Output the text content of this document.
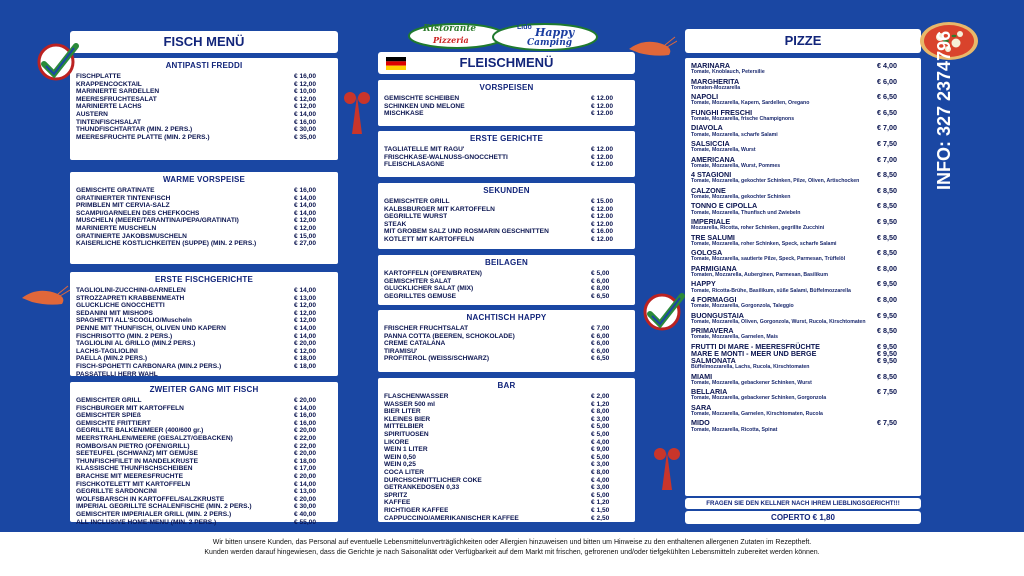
FISCH MENÜ
ANTIPASTI FREDDI
FISCHPLATTE	€ 16,00
KRAPPENCOCKTAIL	€ 12,00
MARINIERTE SARDELLEN	€ 10,00
MEERESFRÜCHTESALAT	€ 12,00
MARINIERTE LACHS	€ 12,00
AUSTERN	€ 14,00
TINTENFISCHSALAT	€ 16,00
THUNDFISCHTARTAR (MIN. 2 PERS.)	€ 30,00
MEERESFRÜCHTE PLATTE (MIN. 2 PERS.)	€ 35,00
WARME VORSPEISE
GEMISCHTE GRATINATE	€ 16,00
GRATINIERTER TINTENFISCH	€ 14,00
PRIMBLEN MIT CERVIA-SALZ	€ 14,00
SCAMPI/GARNELEN DES CHEFKOCHS	€ 14,00
MUSCHELN (MEERE/TARANTINA/PEPA/GRATINATI)	€ 12,00
MARINIERTE MUSCHELN	€ 12,00
GRATINIERTE JAKOBSMUSCHELN	€ 15,00
KAISERLICHE KÖSTLICHKEITEN (SUPPE) (MIN. 2 PERS.)	€ 27,00
ERSTE FISCHGERICHTE
TAGLIOLINI-ZUCCHINI-GARNELEN	€ 14,00
STROZZAPRETI KRABBENMEATH	€ 13,00
GLÜCKLICHE GNOCCHETTI	€ 12,00
SEDANINI MIT MISHOPS	€ 12,00
SPAGHETTI ALL'SCOGLIO/Muscheln	€ 12,00
PENNE MIT THUNFISCH, OLIVEN UND KAPERN	€ 14,00
FISCHRISOTTO (MIN. 2 PERS.)	€ 14,00
TAGLIOLINI AL GRILLO (MIN.2 PERS.)	€ 20,00
LACHS-TAGLIOLINI	€ 12,00
PAELLA (MIN.2 PERS.)	€ 18,00
FISCH-SPGHETTI CARBONARA (MIN.2 PERS.)	€ 18,00
PASSATELLI HERR WAHL
ZWEITER GANG MIT FISCH
GEMISCHTER GRILL	€ 20,00
FISCHBURGER MIT KARTOFFELN	€ 14,00
GEMISCHTER SPIEß	€ 16,00
GEMISCHTE FRITTIERT	€ 16,00
GEGRILLTE BALKEN/MEER (400/600 gr.)	€ 20,00
MEERSTRAHLEN/MEERE (GESALZT/GEBACKEN)	€ 22,00
ROMBO/SAN PIETRO (OFEN/GRILL)	€ 22,00
SEETEUFEL (SCHWANZ) MIT GEMÜSE	€ 20,00
THUNFISCHFILET IN MANDELKRUSTE	€ 18,00
KLASSISCHE THUNFISCHSCHEIBEN	€ 17,00
BRACHSE MIT MEERESFRÜCHTE	€ 20,00
FISCHKOTELETT MIT KARTOFFELN	€ 14,00
GEGRILLTE SARDONCINI	€ 13,00
WOLFSBARSCH IN KARTOFFEL/SALZKRUSTE	€ 20,00
IMPERIAL GEGRILLTE SCHALENFISCHE (MIN. 2 PERS.)	€ 30,00
GEMISCHTER IMPERIALER GRILL (MIN. 2 PERS.)	€ 40,00
ALL INCLUSIVE HOME-MENÜ (MIN. 2 PERS.)	€ 55,00
Ristorante
Pizzeria
Lido Happy
Camping
FLEISCHMENÜ
VORSPEISEN
GEMISCHTE SCHEIBEN	€ 12.00
SCHINKEN UND MELONE	€ 12.00
MISCHKÄSE	€ 12.00
ERSTE GERICHTE
TAGLIATELLE MIT RAGU'	€ 12.00
FRISCHKÄSE-WALNUSS-GNOCCHETTI	€ 12.00
FLEISCHLASAGNE	€ 12.00
SEKUNDEN
GEMISCHTER GRILL	€ 15.00
KALBSBURGER MIT KARTOFFELN	€ 12.00
GEGRILLTE WURST	€ 12.00
STEAK	€ 12.00
MIT GROBEM SALZ UND ROSMARIN GESCHNITTEN	€ 16.00
KOTLETT MIT KARTOFFELN	€ 12.00
BEILAGEN
KARTOFFELN (OFEN/BRATEN)	€ 5,00
GEMISCHTER SALAT	€ 6,00
GLÜCKLICHER SALAT (MIX)	€ 8,00
GEGRILLTES GEMÜSE	€ 6,50
NACHTISCH HAPPY
FRISCHER FRUCHTSALAT	€ 7,00
PANNA COTTA (BEEREN, SCHOKOLADE)	€ 6,00
CREME CATALANA	€ 6,00
TIRAMISU'	€ 6,00
PROFITEROL (WEISS/SCHWARZ)	€ 6,50
BAR
FLASCHENWASSER	€ 2,00
WASSER 500 ml	€ 1,20
BIER LITER	€ 8,00
KLEINES BIER	€ 3,00
MITTELBIER	€ 5,00
SPIRITUOSEN	€ 5,00
LIKÖRE	€ 4,00
WEIN 1 LITER	€ 9,00
WEIN 0,50	€ 5,00
WEIN 0,25	€ 3,00
COCA LITER	€ 8,00
DURCHSCHNITTLICHER COKE	€ 4,00
GETRÄNKEDOSEN 0,33	€ 3,00
SPRITZ	€ 5,00
KAFFEE	€ 1,20
RICHTIGER KAFFEE	€ 1,50
CAPPUCCINO/AMERIKANISCHER KAFFEE	€ 2,50
PIZZE
MARINARA	€ 4,00
Tomate, Knoblauch, Petersilie
MARGHERITA	€ 6,00
Tomaten-Mozzarella
NAPOLI	€ 6,50
Tomate, Mozzarella, Kapern, Sardellen, Oregano
FUNGHI FRESCHI	€ 6,50
Tomate, Mozzarella, frische Champignons
DIAVOLA	€ 7,00
Tomate, Mozzarella, scharfe Salami
SALSICCIA	€ 7,50
Tomate, Mozzarella, Wurst
AMERICANA	€ 7,00
Tomate, Mozzarella, Wurst, Pommes
4 STAGIONI	€ 8,50
Tomate, Mozzarella, gekochter Schinken, Pilze, Oliven, Artischocken
CALZONE	€ 8,50
Tomate, Mozzarella, gekochter Schinken
TONNO E CIPOLLA	€ 8,50
Tomate, Mozzarella, Thunfisch und Zwiebeln
IMPERIALE	€ 9,50
Mozzarella, Ricotta, roher Schinken, gegrillte Zucchini
TRE SALUMI	€ 8,50
Tomate, Mozzarella, roher Schinken, Speck, scharfe Salami
GOLOSA	€ 8,50
Tomate, Mozzarella, sautierte Pilze, Speck, Parmesan, Trüffelöl
PARMIGIANA	€ 8,00
Tomaten, Mozzarella, Auberginen, Parmesan, Basilikum
HAPPY	€ 9,50
Tomate, Ricotta-Brühe, Basilikum, süße Salami, Büffelmozzarella
4 FORMAGGI	€ 8,00
Tomate, Mozzarella, Gorgonzola, Taleggio
BUONGUSTAIA	€ 9,50
Tomate, Mozzarella, Oliven, Gorgonzola, Wurst, Rucola, Kirschtomaten
PRIMAVERA	€ 8,50
Tomate, Mozzarella, Garnelen, Mais
FRUTTI DI MARE - MEERESFRÜCHTE	€ 9,50
MARE E MONTI - MEER UND BERGE	€ 9,50
SALMONATA	€ 9,50
Büffelmozzarella, Lachs, Rucola, Kirschtomaten
MIAMI	€ 8,50
Tomate, Mozzarella, gebackener Schinken, Wurst
BELLARIA	€ 7,50
Tomate, Mozzarella, gebackener Schinken, Gorgonzola
SARA
Tomate, Mozzarella, Garnelen, Kirschtomaten, Rucola
MIDO	€ 7,50
Tomate, Mozzarella, Ricotta, Spinat
FRAGEN SIE DEN KELLNER NACH IHREM LIEBLINGSGERICHT!!!
COPERTO € 1,80
INFO: 327 2374796
Wir bitten unsere Kunden, das Personal auf eventuelle Lebensmittelunverträglichkeiten oder Allergien hinzuweisen und bitten um Hinweise zu den enthaltenen allergenen Zutaten im Rezeptheft.
Kunden werden darauf hingewiesen, dass die Gerichte je nach Saisonalität oder Verfügbarkeit auf dem Markt mit frischen, gefrorenen und/oder tiefgekühlten Lebensmitteln zubereitet werden können.
